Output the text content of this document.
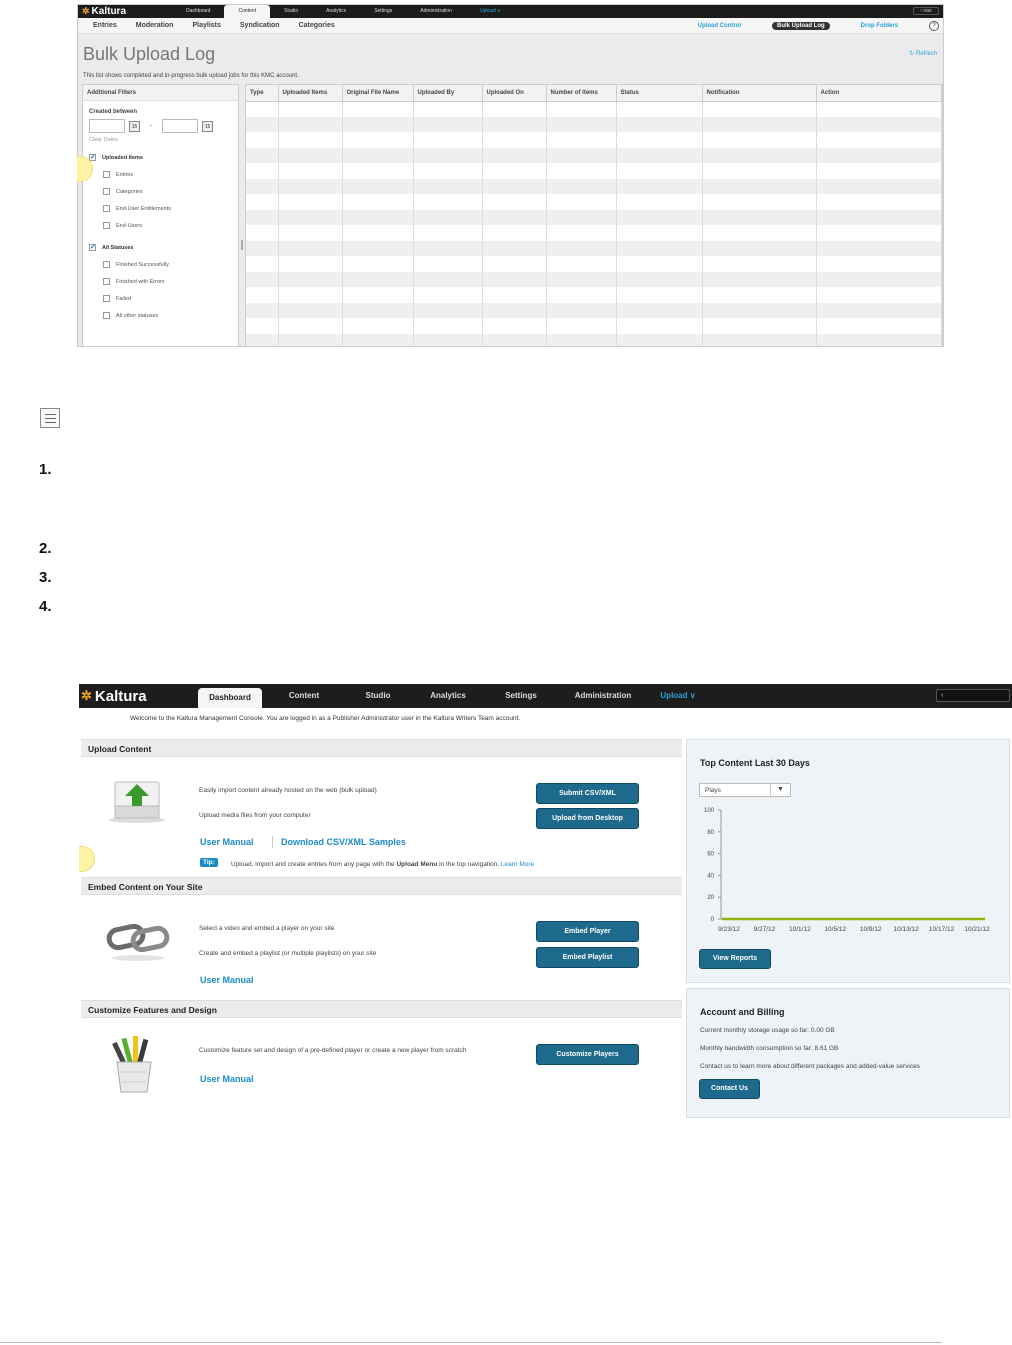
✲ Kaltura	Dashboard	Content	Studio	Analytics	Settings	Administration	Upload ∨	‹ nan
Entries	Moderation	Playlists	Syndication	Categories	Upload Control	Bulk Upload Log	Drop Folders	?
Bulk Upload Log	↻ Refresh
This list shows completed and in-progress bulk upload jobs for this KMC account.
Additional Filters
Created between
15	-	15
Clear Dates
✓ Uploaded Items
Entries
Categories
End-User Entitlements
End-Users
✓ All Statuses
Finished Successfully
Finished with Errors
Failed
All other statuses
Type	Uploaded Items	Original File Name	Uploaded By	Uploaded On	Number of Items	Status	Notification	Action

1.
2.
3.
4.
✲ Kaltura	Dashboard	Content	Studio	Analytics	Settings	Administration	Upload ∨	‹
Welcome to the Kaltura Management Console. You are logged in as a Publisher Administrator user in the Kaltura Writers Team account.
Upload Content
Easily import content already hosted on the web (bulk upload)
Upload media files from your computer
Submit CSV/XML
Upload from Desktop
User Manual	Download CSV/XML Samples
Tip:	Upload, import and create entries from any page with the Upload Menu in the top navigation. Learn More
Embed Content on Your Site
Select a video and embed a player on your site
Create and embed a playlist (or multiple playlists) on your site
Embed Player
Embed Playlist
User Manual
Customize Features and Design
Customize feature set and design of a pre-defined player or create a new player from scratch
Customize Players
User Manual
Top Content Last 30 Days
Plays	▼
0
20
40
60
80
100
9/23/12 9/27/12 10/1/12 10/5/12 10/9/12 10/13/12 10/17/12 10/21/12
View Reports
Account and Billing
Current monthly storage usage so far: 0.00 GB
Monthly bandwidth consumption so far: 8.61 GB
Contact us to learn more about different packages and added-value services
Contact Us
